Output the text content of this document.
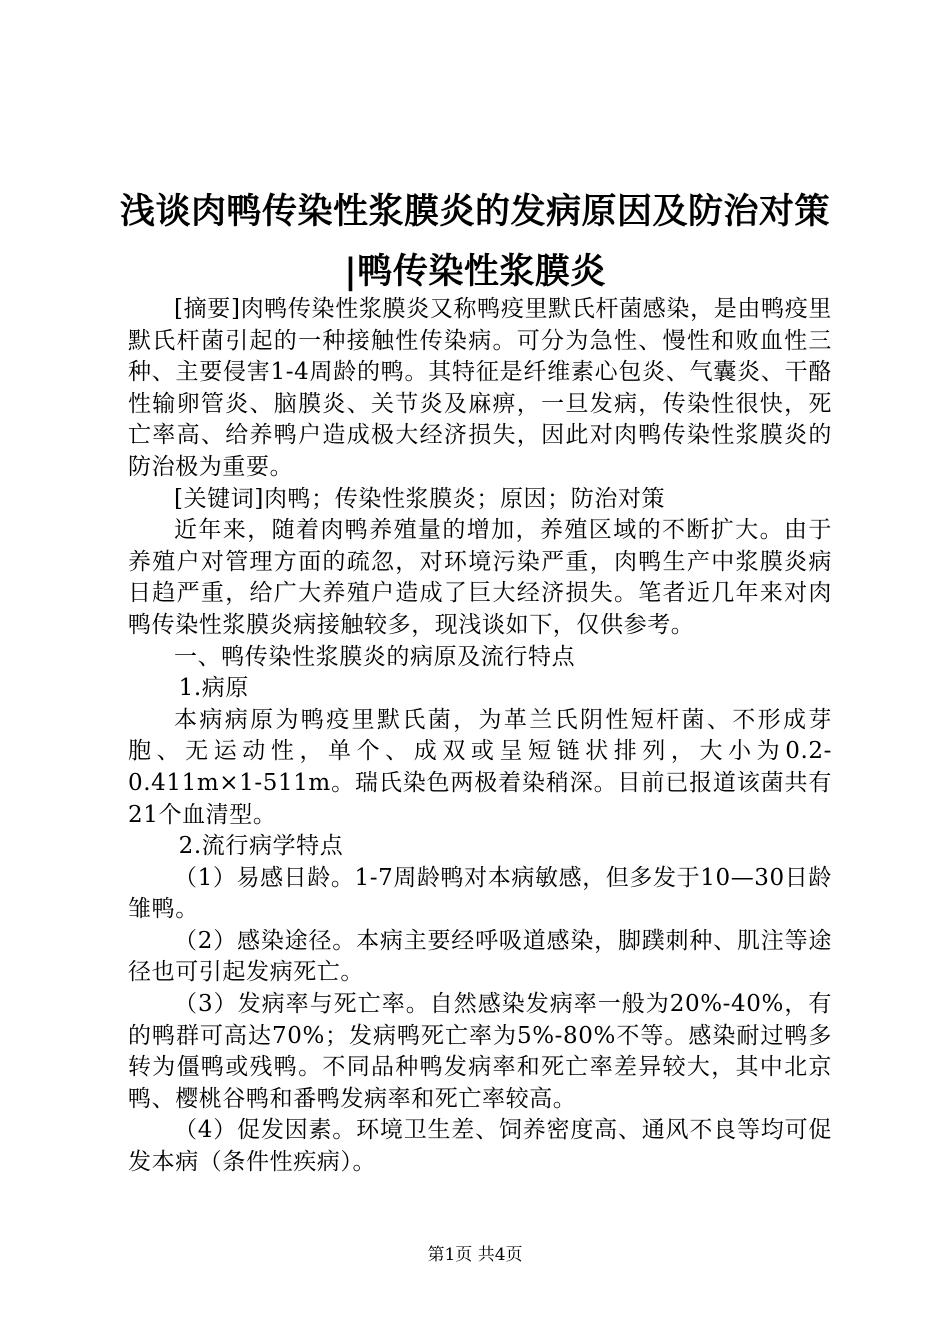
浅谈肉鸭传染性浆膜炎的发病原因及防治对策
|鸭传染性浆膜炎

[摘要]肉鸭传染性浆膜炎又称鸭疫里默氏杆菌感染，是由鸭疫里默氏杆菌引起的一种接触性传染病。可分为急性、慢性和败血性三种、主要侵害1-4周龄的鸭。其特征是纤维素心包炎、气囊炎、干酪性输卵管炎、脑膜炎、关节炎及麻痹，一旦发病，传染性很快，死亡率高、给养鸭户造成极大经济损失，因此对肉鸭传染性浆膜炎的防治极为重要。

[关键词]肉鸭；传染性浆膜炎；原因；防治对策

近年来，随着肉鸭养殖量的增加，养殖区域的不断扩大。由于养殖户对管理方面的疏忽，对环境污染严重，肉鸭生产中浆膜炎病日趋严重，给广大养殖户造成了巨大经济损失。笔者近几年来对肉鸭传染性浆膜炎病接触较多，现浅谈如下，仅供参考。

一、鸭传染性浆膜炎的病原及流行特点

1.病原

本病病原为鸭疫里默氏菌，为革兰氏阴性短杆菌、不形成芽胞、无运动性，单个、成双或呈短链状排列，大小为0.2-0.411m×1-511m。瑞氏染色两极着染稍深。目前已报道该菌共有21个血清型。

2.流行病学特点

（1）易感日龄。1-7周龄鸭对本病敏感，但多发于10—30日龄雏鸭。

（2）感染途径。本病主要经呼吸道感染，脚蹼刺种、肌注等途径也可引起发病死亡。

（3）发病率与死亡率。自然感染发病率一般为20%-40%，有的鸭群可高达70%；发病鸭死亡率为5%-80%不等。感染耐过鸭多转为僵鸭或残鸭。不同品种鸭发病率和死亡率差异较大，其中北京鸭、樱桃谷鸭和番鸭发病率和死亡率较高。

（4）促发因素。环境卫生差、饲养密度高、通风不良等均可促发本病（条件性疾病）。

第1页 共4页
